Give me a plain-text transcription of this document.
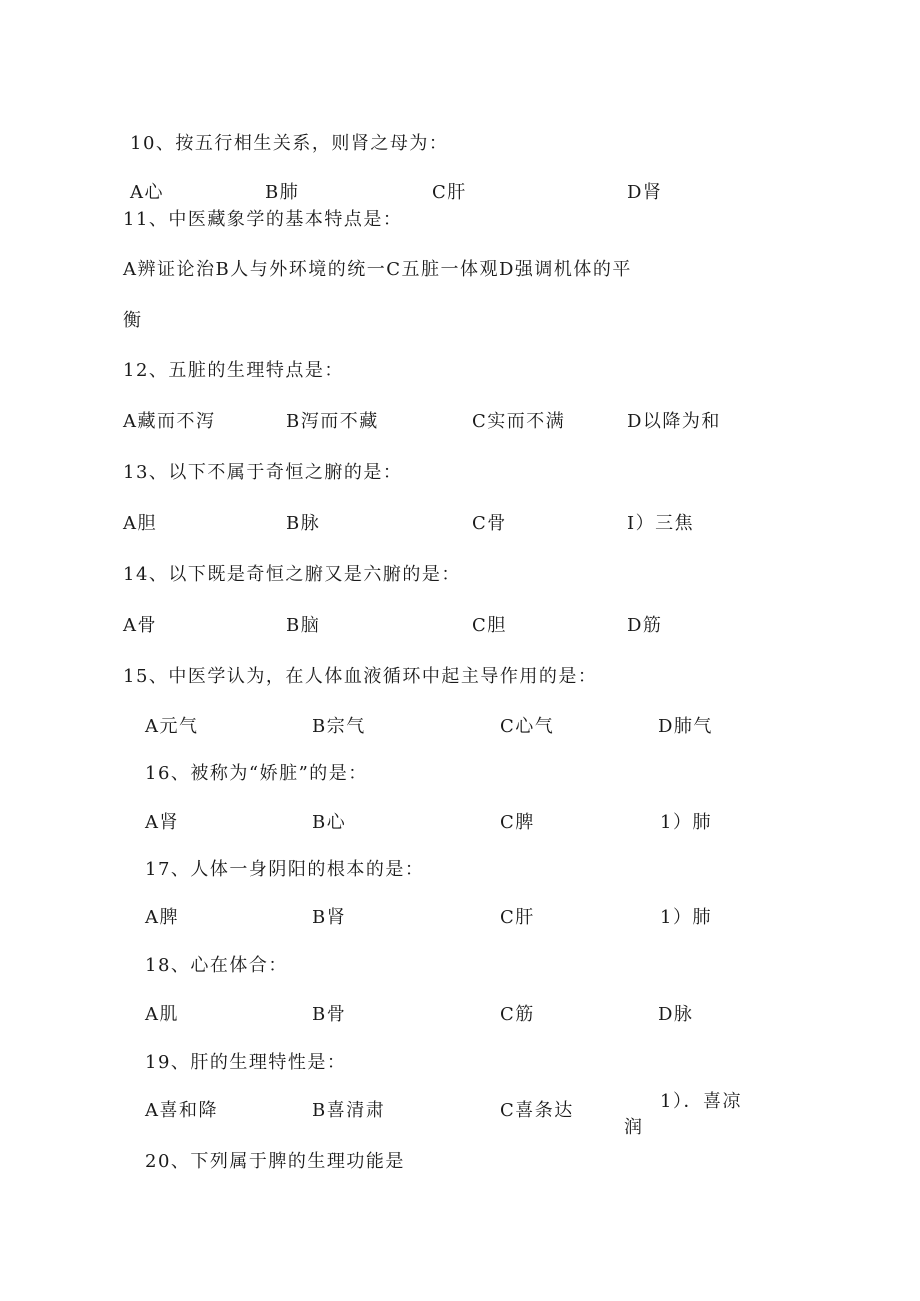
10、按五行相生关系，则肾之母为：
A心	B肺	C肝	D肾
11、中医藏象学的基本特点是：
A辨证论治B人与外环境的统一C五脏一体观D强调机体的平
衡
12、五脏的生理特点是：
A藏而不泻	B泻而不藏	C实而不满	D以降为和
13、以下不属于奇恒之腑的是：
A胆	B脉	C骨	I）三焦
14、以下既是奇恒之腑又是六腑的是：
A骨	B脑	C胆	D筋
15、中医学认为，在人体血液循环中起主导作用的是：
A元气	B宗气	C心气	D肺气
16、被称为“娇脏”的是：
A肾	B心	C脾	1）肺
17、人体一身阴阳的根本的是：
A脾	B肾	C肝	1）肺
18、心在体合：
A肌	B骨	C筋	D脉
19、肝的生理特性是：
A喜和降	B喜清肃	C喜条达	1）．喜凉
润
20、下列属于脾的生理功能是
